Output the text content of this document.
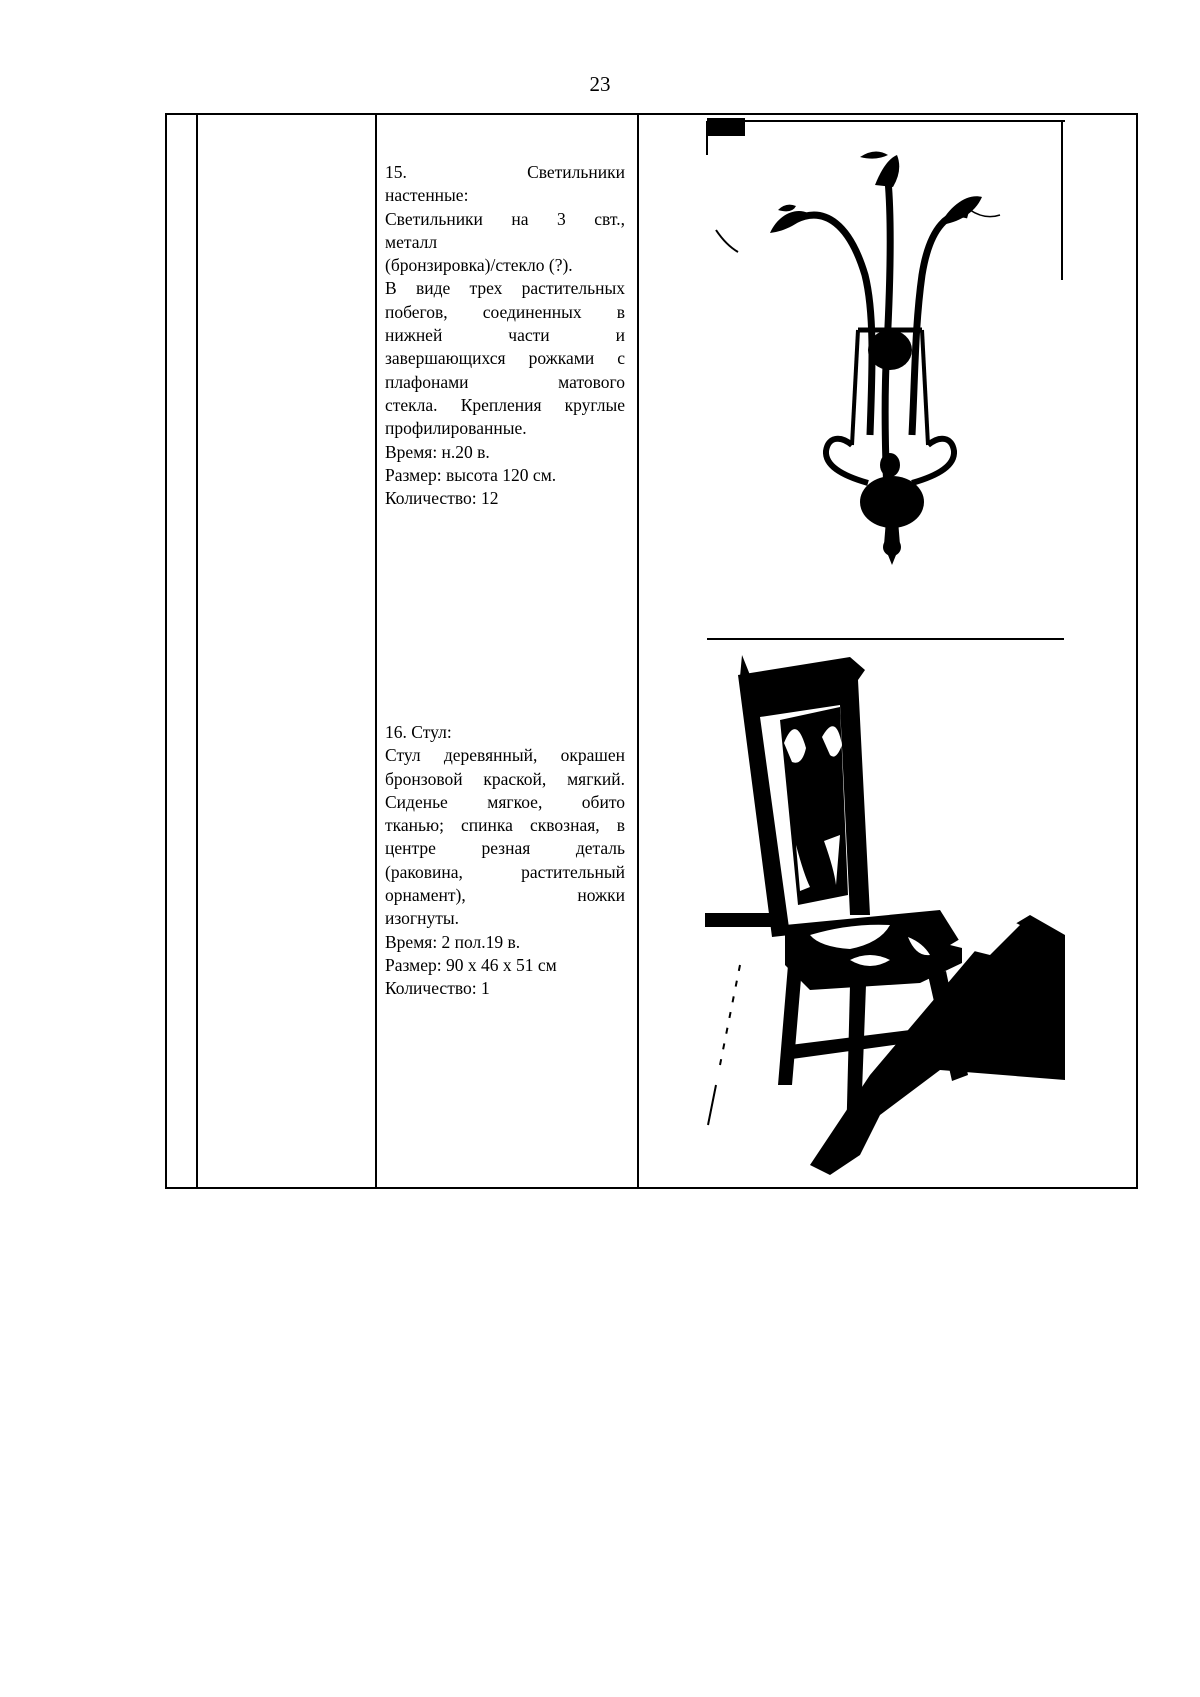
23
15.	Светильники
настенные:
Светильники на 3 свт.,
металл
(бронзировка)/стекло (?).
В виде трех растительных
побегов, соединенных в
нижней	части	и
завершающихся рожками с
плафонами	матового
стекла. Крепления круглые
профилированные.
Время: н.20 в.
Размер: высота 120 см.
Количество: 12
16. Стул:
Стул деревянный, окрашен
бронзовой краской, мягкий.
Сиденье мягкое, обито
тканью; спинка сквозная, в
центре	резная	деталь
(раковина,	растительный
орнамент),	ножки
изогнуты.
Время: 2 пол.19 в.
Размер: 90 х 46 х 51 см
Количество: 1
